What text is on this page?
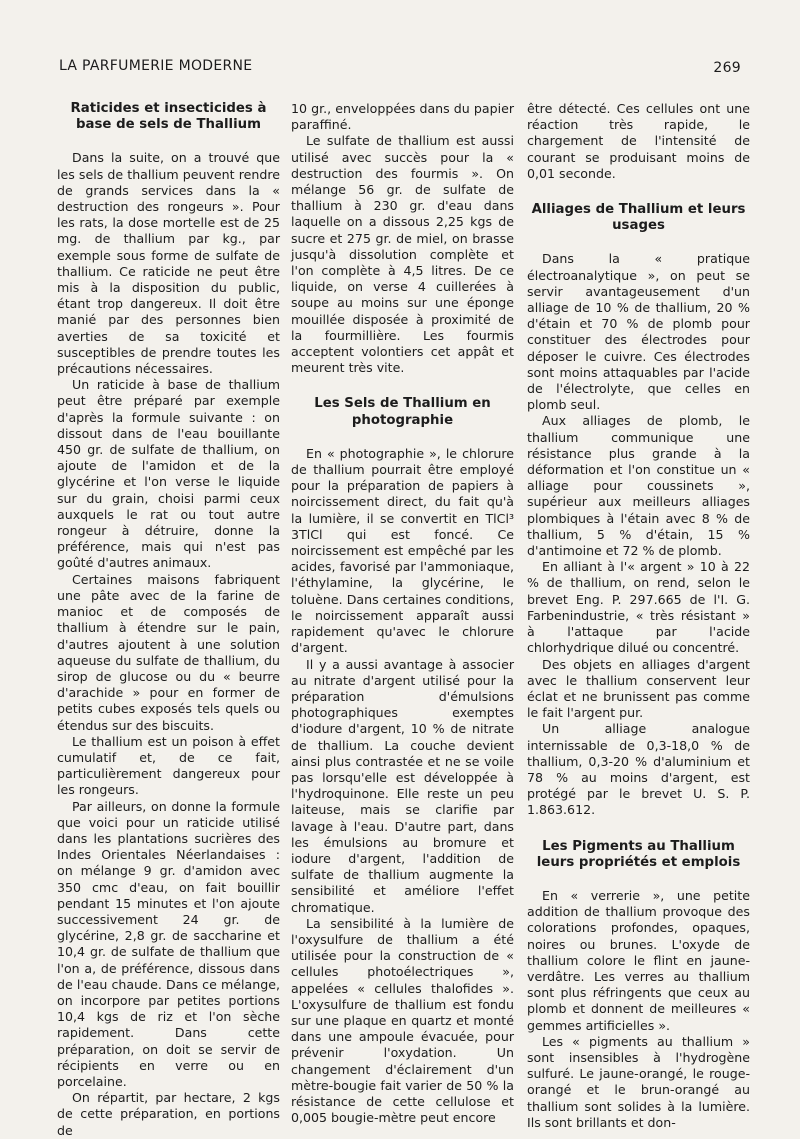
LA PARFUMERIE MODERNE	269
Raticides et insecticides à base de sels de Thallium

Dans la suite, on a trouvé que les sels de thallium peuvent rendre de grands services dans la « destruction des rongeurs ». Pour les rats, la dose mortelle est de 25 mg. de thallium par kg., par exemple sous forme de sulfate de thallium. Ce raticide ne peut être mis à la disposition du public, étant trop dangereux. Il doit être manié par des personnes bien averties de sa toxicité et susceptibles de prendre toutes les précautions nécessaires.

Un raticide à base de thallium peut être préparé par exemple d'après la formule suivante : on dissout dans de l'eau bouillante 450 gr. de sulfate de thallium, on ajoute de l'amidon et de la glycérine et l'on verse le liquide sur du grain, choisi parmi ceux auxquels le rat ou tout autre rongeur à détruire, donne la préférence, mais qui n'est pas goûté d'autres animaux.

Certaines maisons fabriquent une pâte avec de la farine de manioc et de composés de thallium à étendre sur le pain, d'autres ajoutent à une solution aqueuse du sulfate de thallium, du sirop de glucose ou du « beurre d'arachide » pour en former de petits cubes exposés tels quels ou étendus sur des biscuits.

Le thallium est un poison à effet cumulatif et, de ce fait, particulièrement dangereux pour les rongeurs.

Par ailleurs, on donne la formule que voici pour un raticide utilisé dans les plantations sucrières des Indes Orientales Néerlandaises : on mélange 9 gr. d'amidon avec 350 cmc d'eau, on fait bouillir pendant 15 minutes et l'on ajoute successivement 24 gr. de glycérine, 2,8 gr. de saccharine et 10,4 gr. de sulfate de thallium que l'on a, de préférence, dissous dans de l'eau chaude. Dans ce mélange, on incorpore par petites portions 10,4 kgs de riz et l'on sèche rapidement. Dans cette préparation, on doit se servir de récipients en verre ou en porcelaine.

On répartit, par hectare, 2 kgs de cette préparation, en portions de

10 gr., enveloppées dans du papier paraffiné.

Le sulfate de thallium est aussi utilisé avec succès pour la « destruction des fourmis ». On mélange 56 gr. de sulfate de thallium à 230 gr. d'eau dans laquelle on a dissous 2,25 kgs de sucre et 275 gr. de miel, on brasse jusqu'à dissolution complète et l'on complète à 4,5 litres. De ce liquide, on verse 4 cuillerées à soupe au moins sur une éponge mouillée disposée à proximité de la fourmillière. Les fourmis acceptent volontiers cet appât et meurent très vite.

Les Sels de Thallium en photographie

En « photographie », le chlorure de thallium pourrait être employé pour la préparation de papiers à noircissement direct, du fait qu'à la lumière, il se convertit en TlCl³ 3TlCl qui est foncé. Ce noircissement est empêché par les acides, favorisé par l'ammoniaque, l'éthylamine, la glycérine, le toluène. Dans certaines conditions, le noircissement apparaît aussi rapidement qu'avec le chlorure d'argent.

Il y a aussi avantage à associer au nitrate d'argent utilisé pour la préparation d'émulsions photographiques exemptes d'iodure d'argent, 10 % de nitrate de thallium. La couche devient ainsi plus contrastée et ne se voile pas lorsqu'elle est développée à l'hydroquinone. Elle reste un peu laiteuse, mais se clarifie par lavage à l'eau. D'autre part, dans les émulsions au bromure et iodure d'argent, l'addition de sulfate de thallium augmente la sensibilité et améliore l'effet chromatique.

La sensibilité à la lumière de l'oxysulfure de thallium a été utilisée pour la construction de « cellules photoélectriques », appelées « cellules thalofides ». L'oxysulfure de thallium est fondu sur une plaque en quartz et monté dans une ampoule évacuée, pour prévenir l'oxydation. Un changement d'éclairement d'un mètre-bougie fait varier de 50 % la résistance de cette cellulose et 0,005 bougie-mètre peut encore

être détecté. Ces cellules ont une réaction très rapide, le chargement de l'intensité de courant se produisant moins de 0,01 seconde.

Alliages de Thallium et leurs usages

Dans la « pratique électroanalytique », on peut se servir avantageusement d'un alliage de 10 % de thallium, 20 % d'étain et 70 % de plomb pour constituer des électrodes pour déposer le cuivre. Ces électrodes sont moins attaquables par l'acide de l'électrolyte, que celles en plomb seul.

Aux alliages de plomb, le thallium communique une résistance plus grande à la déformation et l'on constitue un « alliage pour coussinets », supérieur aux meilleurs alliages plombiques à l'étain avec 8 % de thallium, 5 % d'étain, 15 % d'antimoine et 72 % de plomb.

En alliant à l'« argent » 10 à 22 % de thallium, on rend, selon le brevet Eng. P. 297.665 de l'I. G. Farbenindustrie, « très résistant » à l'attaque par l'acide chlorhydrique dilué ou concentré.

Des objets en alliages d'argent avec le thallium conservent leur éclat et ne brunissent pas comme le fait l'argent pur.

Un alliage analogue internissable de 0,3-18,0 % de thallium, 0,3-20 % d'aluminium et 78 % au moins d'argent, est protégé par le brevet U. S. P. 1.863.612.

Les Pigments au Thallium leurs propriétés et emplois

En « verrerie », une petite addition de thallium provoque des colorations profondes, opaques, noires ou brunes. L'oxyde de thallium colore le flint en jaune-verdâtre. Les verres au thallium sont plus réfringents que ceux au plomb et donnent de meilleures « gemmes artificielles ».

Les « pigments au thallium » sont insensibles à l'hydrogène sulfuré. Le jaune-orangé, le rouge-orangé et le brun-orangé au thallium sont solides à la lumière. Ils sont brillants et don-
